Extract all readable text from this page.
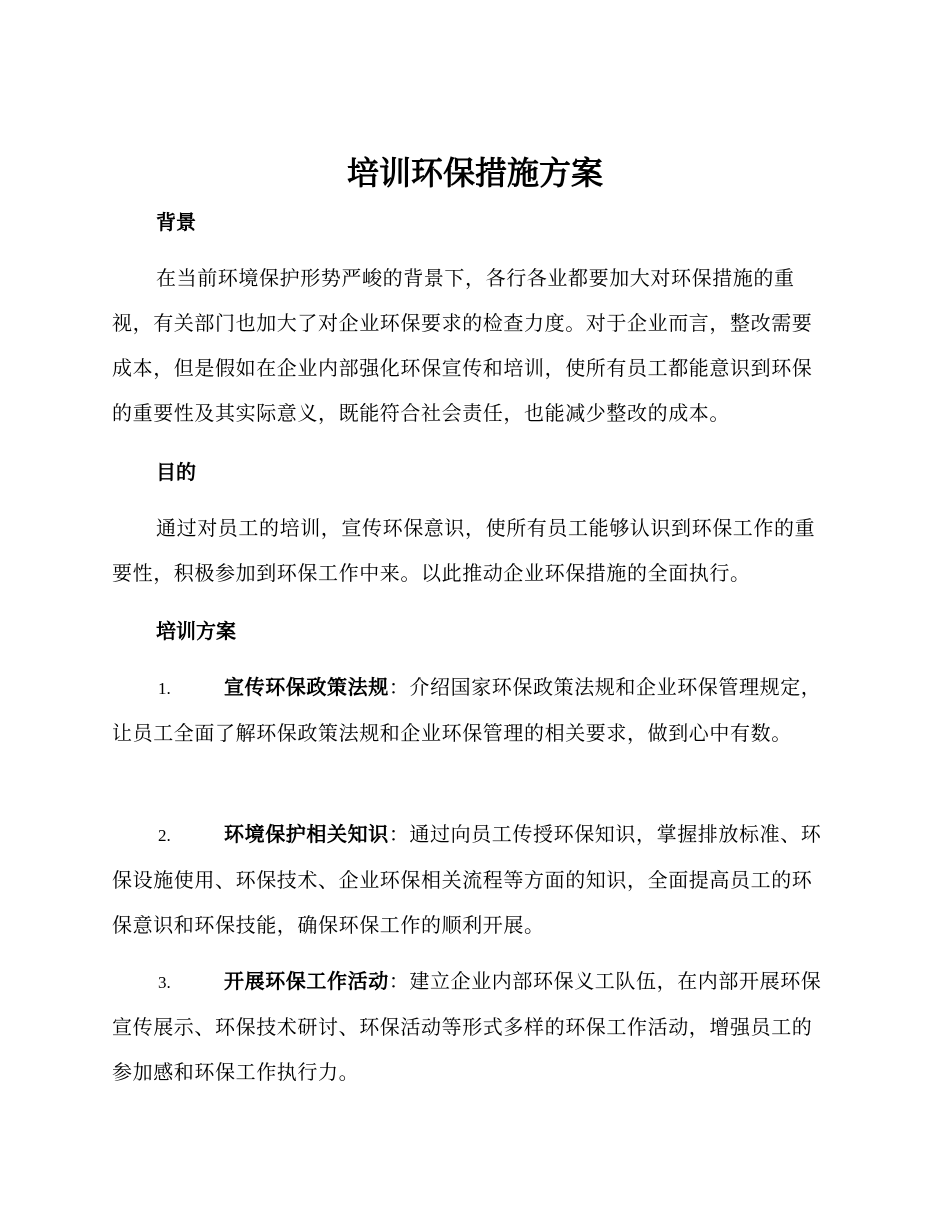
培训环保措施方案
背景

在当前环境保护形势严峻的背景下，各行各业都要加大对环保措施的重视，有关部门也加大了对企业环保要求的检查力度。对于企业而言，整改需要成本，但是假如在企业内部强化环保宣传和培训，使所有员工都能意识到环保的重要性及其实际意义，既能符合社会责任，也能减少整改的成本。

目的

通过对员工的培训，宣传环保意识，使所有员工能够认识到环保工作的重要性，积极参加到环保工作中来。以此推动企业环保措施的全面执行。

培训方案

1.	宣传环保政策法规：介绍国家环保政策法规和企业环保管理规定，让员工全面了解环保政策法规和企业环保管理的相关要求，做到心中有数。

2.	环境保护相关知识：通过向员工传授环保知识，掌握排放标准、环保设施使用、环保技术、企业环保相关流程等方面的知识，全面提高员工的环保意识和环保技能，确保环保工作的顺利开展。

3.	开展环保工作活动：建立企业内部环保义工队伍，在内部开展环保宣传展示、环保技术研讨、环保活动等形式多样的环保工作活动，增强员工的参加感和环保工作执行力。
